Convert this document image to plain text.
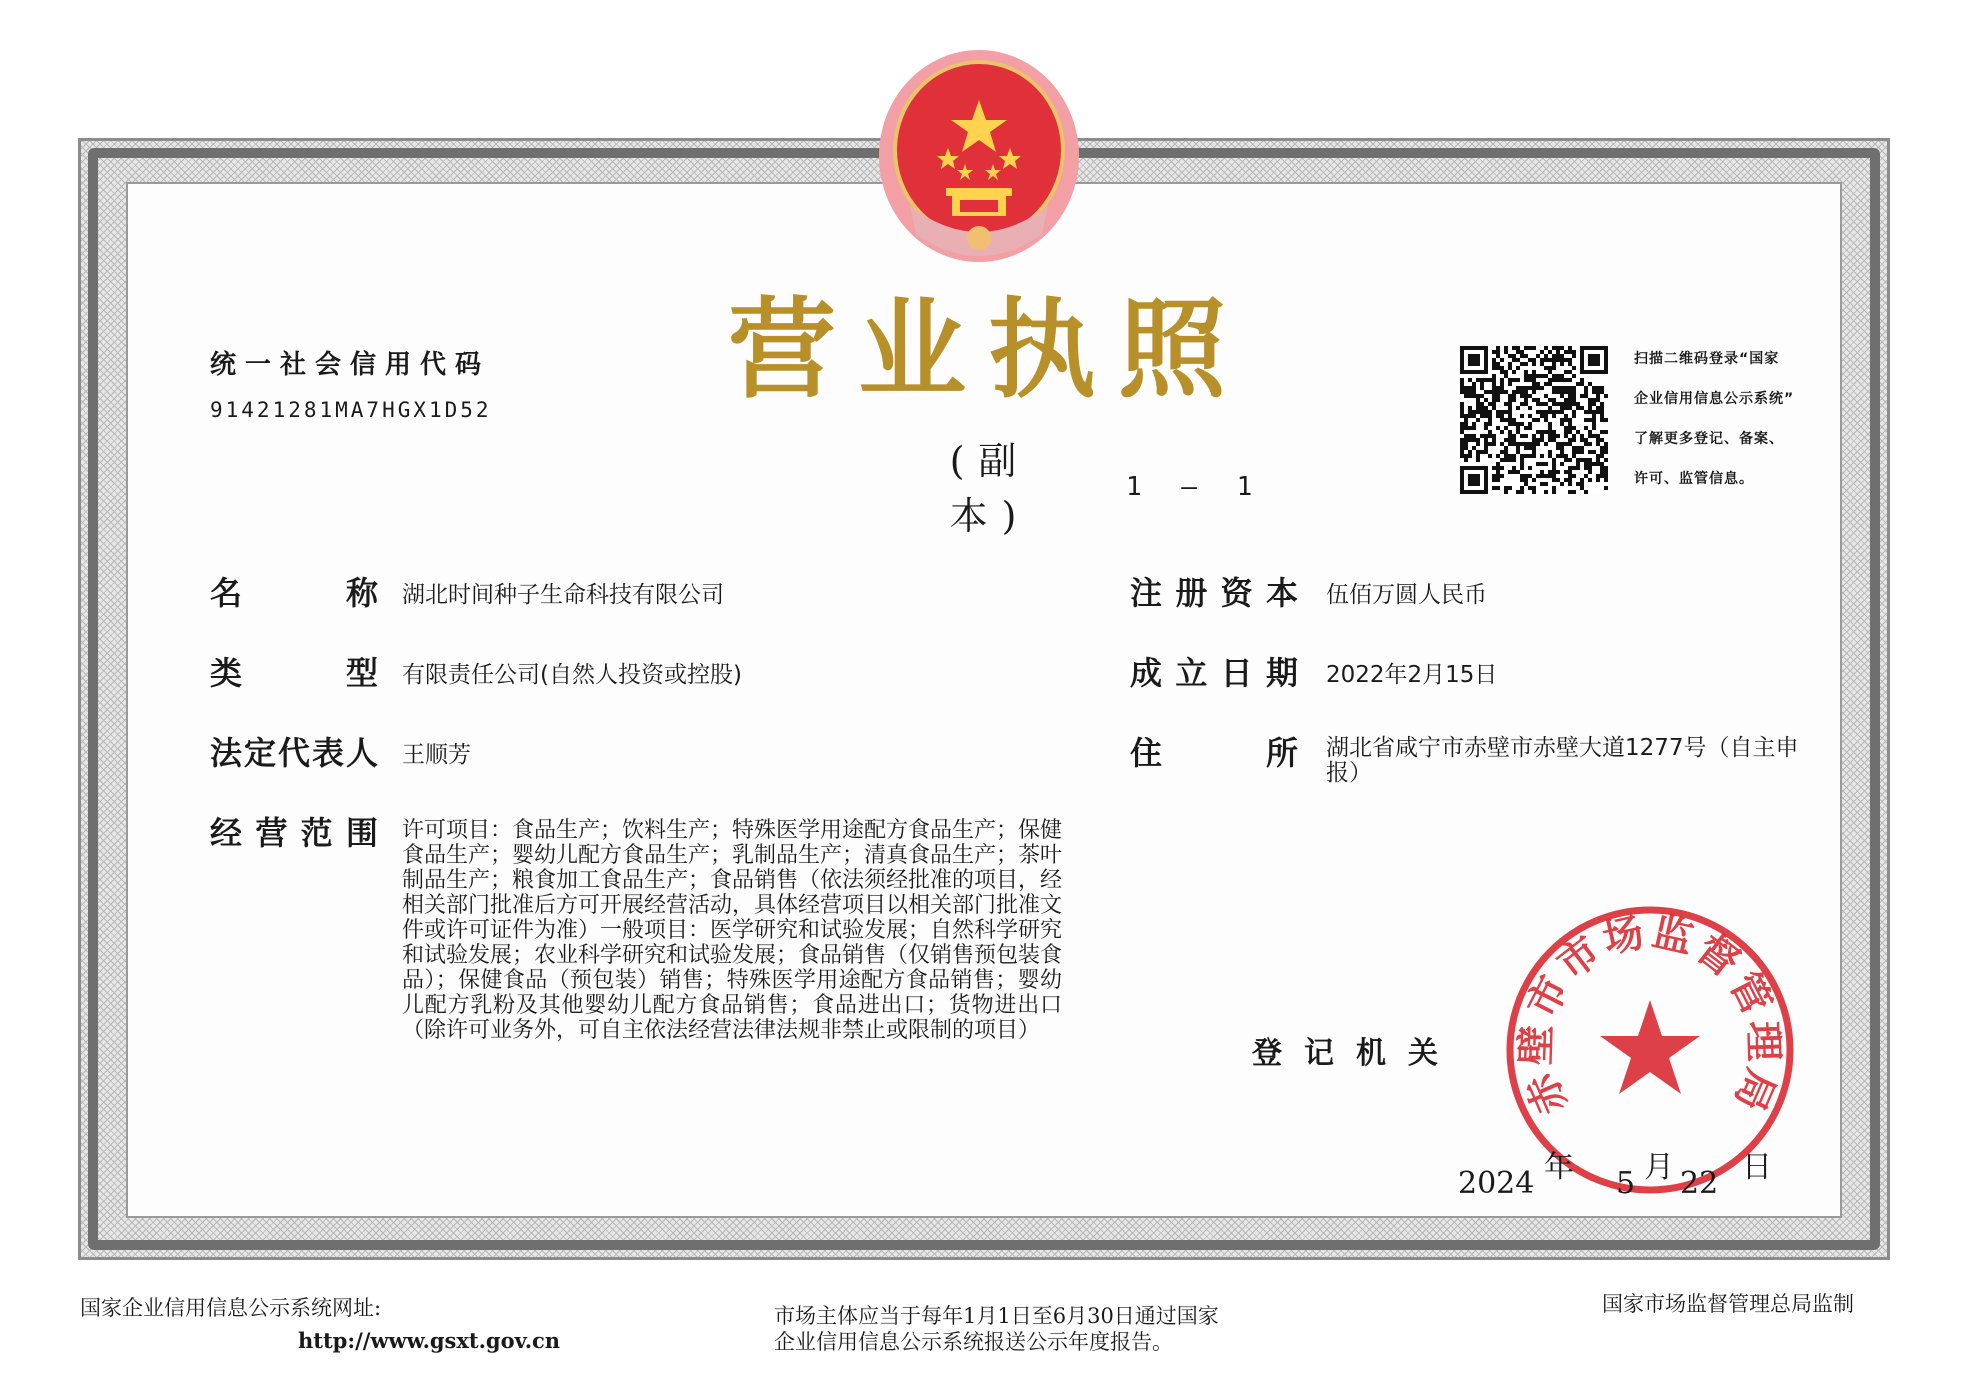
营业执照
(副 本)
1 — 1
统一社会信用代码
91421281MA7HGX1D52
扫描二维码登录“国家
企业信用信息公示系统”
了解更多登记、备案、
许可、监管信息。
名	称 湖北时间种子生命科技有限公司
类	型 有限责任公司(自然人投资或控股)
法 定 代 表 人 王顺芳
经 营 范 围 许可项目：食品生产；饮料生产；特殊医学用途配方食品生产；保健食品生产；婴幼儿配方食品生产；乳制品生产；清真食品生产；茶叶制品生产；粮食加工食品生产；食品销售（依法须经批准的项目，经相关部门批准后方可开展经营活动，具体经营项目以相关部门批准文件或许可证件为准）一般项目：医学研究和试验发展；自然科学研究和试验发展；农业科学研究和试验发展；食品销售（仅销售预包装食品）；保健食品（预包装）销售；特殊医学用途配方食品销售；婴幼儿配方乳粉及其他婴幼儿配方食品销售；食品进出口；货物进出口（除许可业务外，可自主依法经营法律法规非禁止或限制的项目）
注 册 资 本 伍佰万圆人民币
成 立 日 期 2022年2月15日
住	所 湖北省咸宁市赤壁市赤壁大道1277号（自主申报）
登记机关
赤壁市市场监督管理局
2024 年 5 月 22 日
国家企业信用信息公示系统网址:
http://www.gsxt.gov.cn
市场主体应当于每年1月1日至6月30日通过国家
企业信用信息公示系统报送公示年度报告。
国家市场监督管理总局监制
